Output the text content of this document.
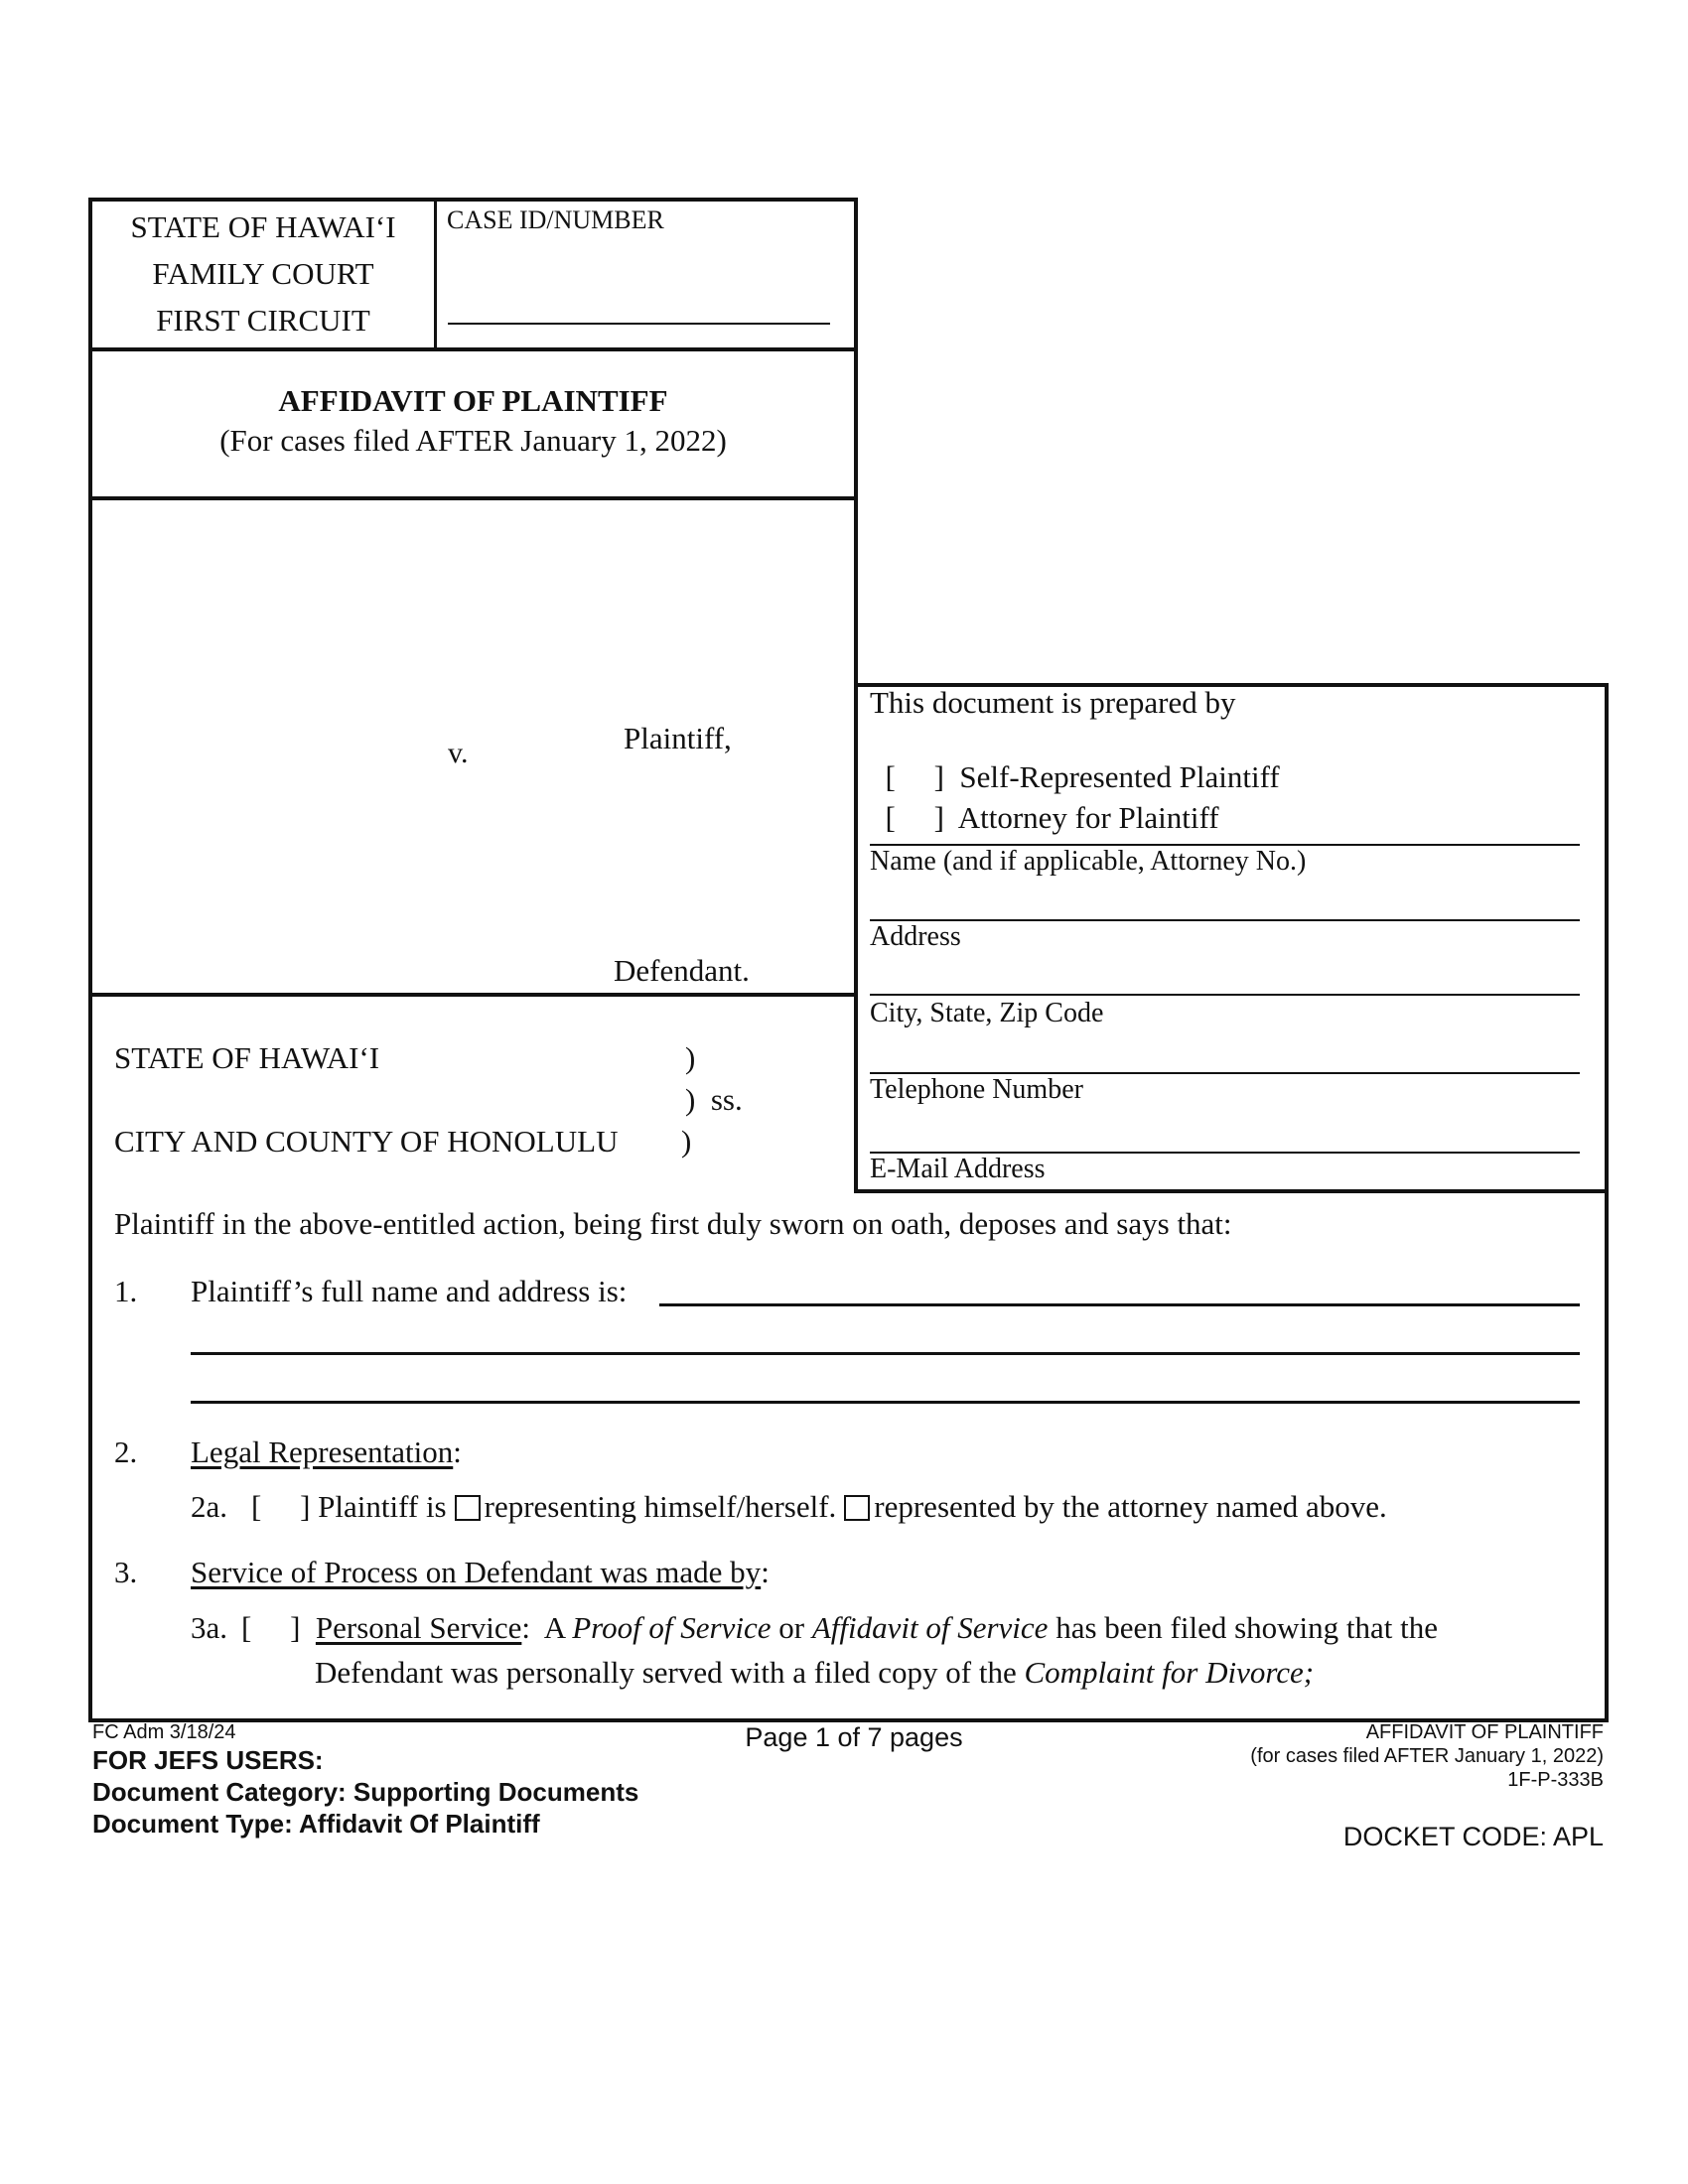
STATE OF HAWAI‘I
FAMILY COURT
FIRST CIRCUIT
CASE ID/NUMBER
AFFIDAVIT OF PLAINTIFF
(For cases filed AFTER January 1, 2022)
v.	Plaintiff,
Defendant.
This document is prepared by

[     ] Self-Represented Plaintiff

[     ] Attorney for Plaintiff

Name (and if applicable, Attorney No.)
Address
City, State, Zip Code
Telephone Number
E-Mail Address
STATE OF HAWAI‘I
CITY AND COUNTY OF HONOLULU
)
)  ss.
)
Plaintiff in the above-entitled action, being first duly sworn on oath, deposes and says that:
1. Plaintiff’s full name and address is:
2. Legal Representation:
2a. [     ] Plaintiff is representing himself/herself. represented by the attorney named above.
3. Service of Process on Defendant was made by:
3a. [     ] Personal Service:  A Proof of Service or Affidavit of Service has been filed showing that the
Defendant was personally served with a filed copy of the Complaint for Divorce;
FC Adm 3/18/24
FOR JEFS USERS:
Document Category: Supporting Documents
Document Type: Affidavit Of Plaintiff
Page 1 of 7 pages	AFFIDAVIT OF PLAINTIFF
(for cases filed AFTER January 1, 2022)
1F-P-333B
DOCKET CODE: APL
